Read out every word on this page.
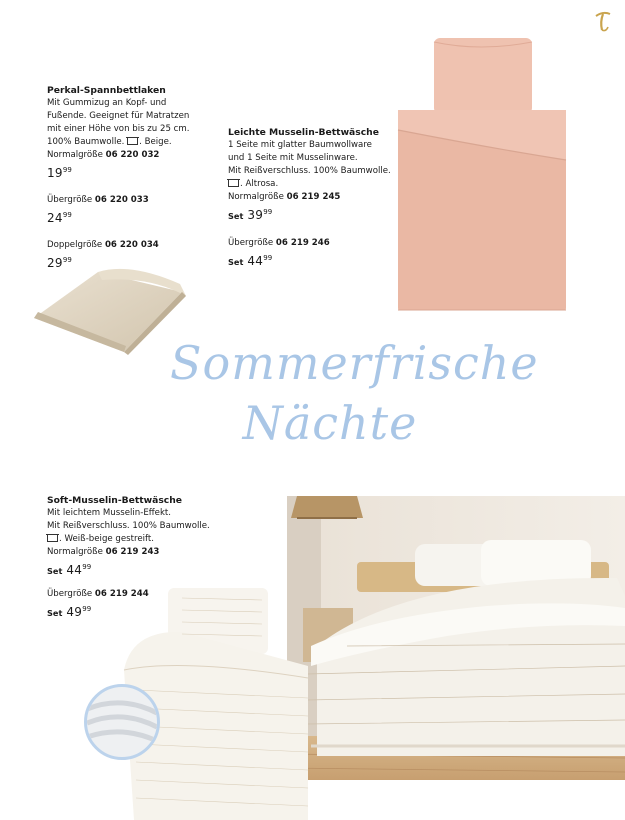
Perkal-Spannbettlaken
Mit Gummizug an Kopf- und
Fußende. Geeignet für Matratzen
mit einer Höhe von bis zu 25 cm.
100% Baumwolle. . Beige.
Normalgröße 06 220 032
$19^{99}$
Übergröße 06 220 033
$24^{99}$
Doppelgröße 06 220 034
$29^{99}$
Leichte Musselin-Bettwäsche
1 Seite mit glatter Baumwollware
und 1 Seite mit Musselinware.
Mit Reißverschluss. 100% Baumwolle.
. Altrosa.
Normalgröße 06 219 245
Set $39^{99}$
Übergröße 06 219 246
Set $44^{99}$
Sommerfrische
Nächte
Soft-Musselin-Bettwäsche
Mit leichtem Musselin-Effekt.
Mit Reißverschluss. 100% Baumwolle.
. Weiß-beige gestreift.
Normalgröße 06 219 243
Set $44^{99}$
Übergröße 06 219 244
Set $49^{99}$
